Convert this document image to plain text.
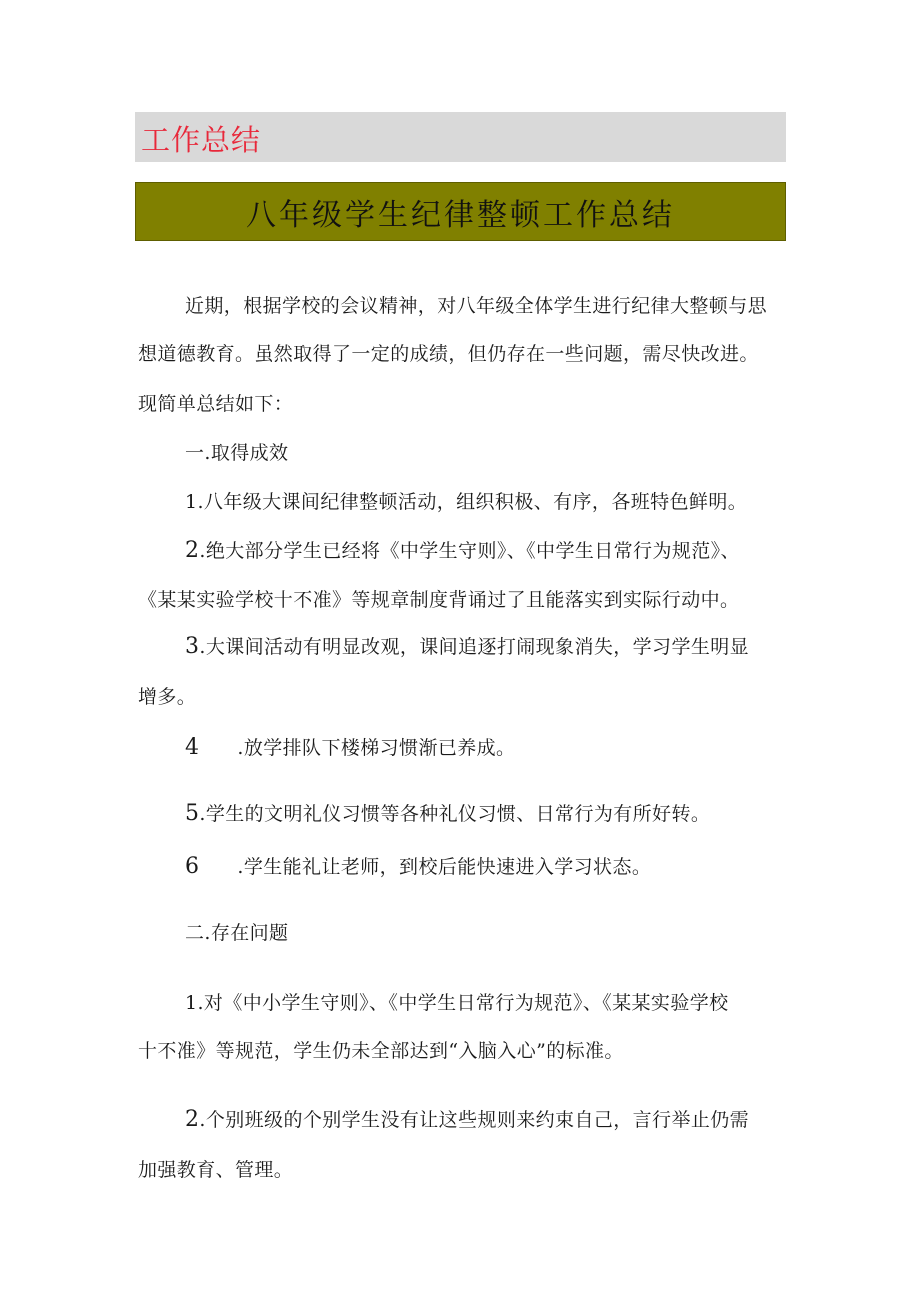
工作总结
八年级学生纪律整顿工作总结
近期，根据学校的会议精神，对八年级全体学生进行纪律大整顿与思
想道德教育。虽然取得了一定的成绩，但仍存在一些问题，需尽快改进。
现简单总结如下：
一.取得成效
1.八年级大课间纪律整顿活动，组织积极、有序，各班特色鲜明。
2.绝大部分学生已经将《中学生守则》、《中学生日常行为规范》、
《某某实验学校十不准》等规章制度背诵过了且能落实到实际行动中。
3.大课间活动有明显改观，课间追逐打闹现象消失，学习学生明显
增多。
4 .放学排队下楼梯习惯渐已养成。
5.学生的文明礼仪习惯等各种礼仪习惯、日常行为有所好转。
6 .学生能礼让老师，到校后能快速进入学习状态。
二.存在问题
1.对《中小学生守则》、《中学生日常行为规范》、《某某实验学校
十不准》等规范，学生仍未全部达到“入脑入心”的标准。
2.个别班级的个别学生没有让这些规则来约束自己，言行举止仍需
加强教育、管理。
